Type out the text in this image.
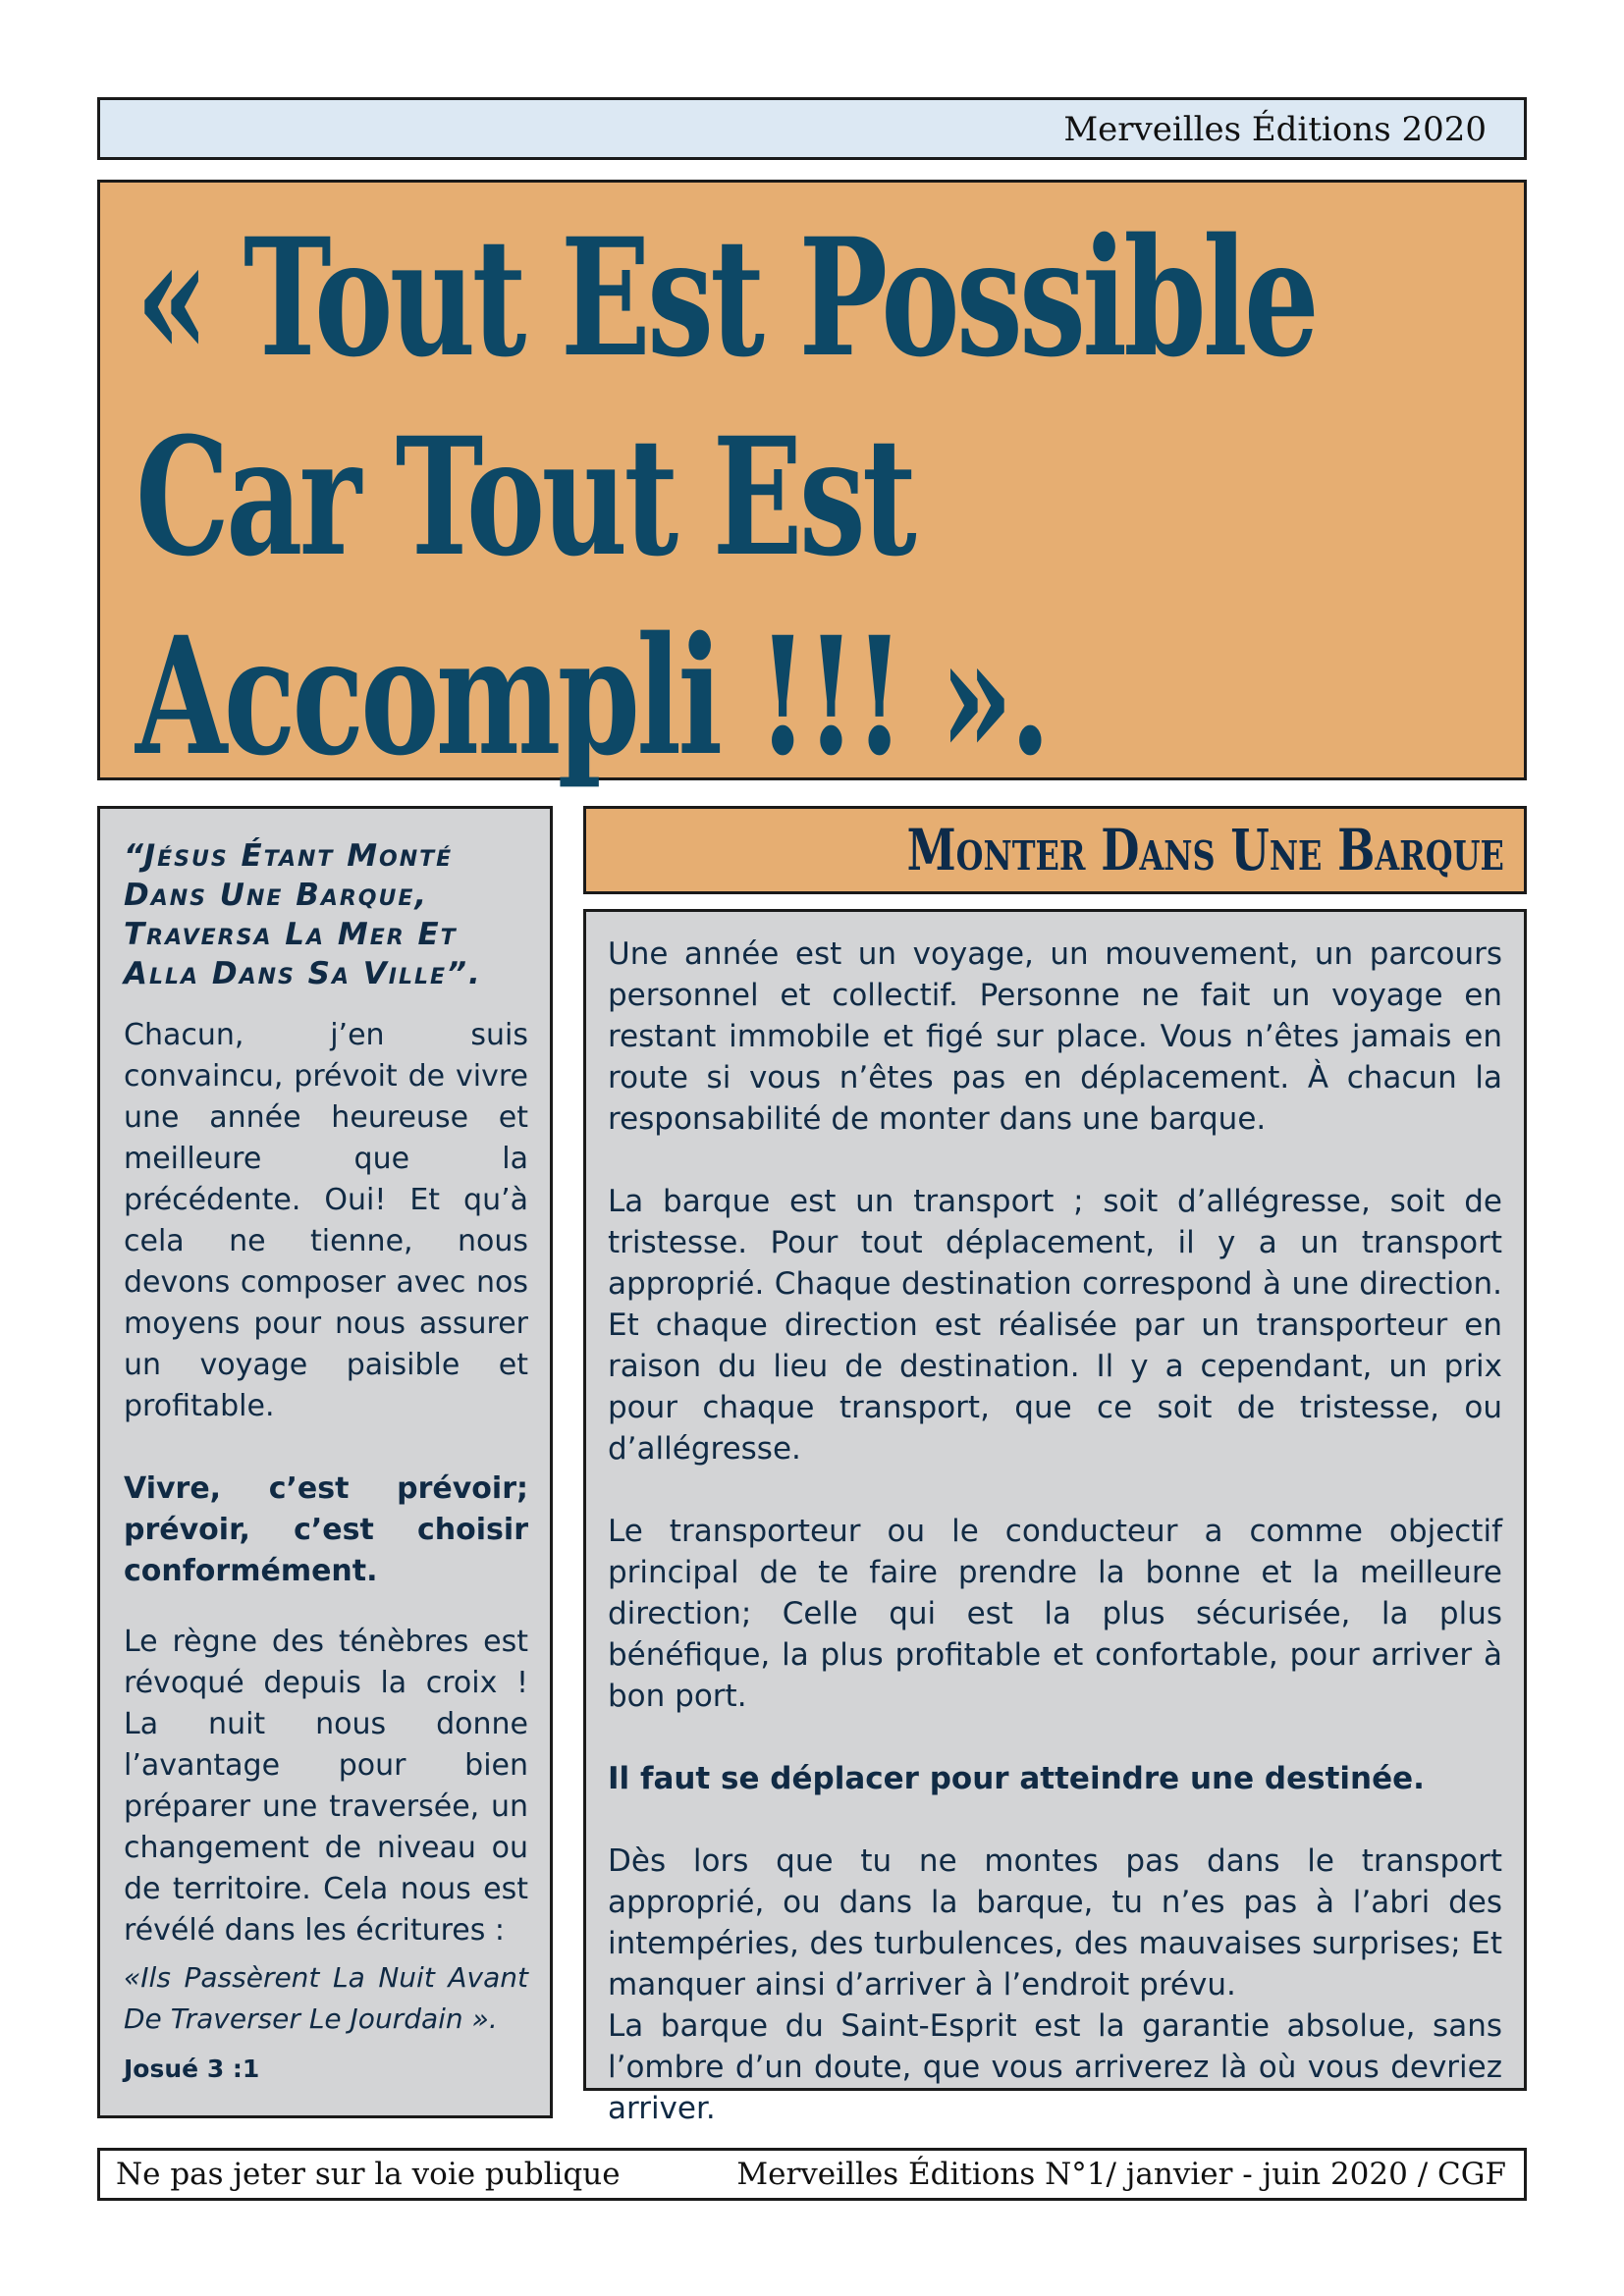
Merveilles Éditions 2020
« Tout Est Possible
Car Tout Est
Accompli !!! ».

“Jésus Étant Monté Dans Une Barque, Traversa La Mer Et Alla Dans Sa Ville”.

Chacun, j’en suis convaincu, prévoit de vivre une année heureuse et meilleure que la précédente. Oui! Et qu’à cela ne tienne, nous devons composer avec nos moyens pour nous assurer un voyage paisible et profitable.

Vivre, c’est prévoir; prévoir, c’est choisir conformément.

Le règne des ténèbres est révoqué depuis la croix ! La nuit nous donne l’avantage pour bien préparer une traversée, un changement de niveau ou de territoire. Cela nous est révélé dans les écritures :

«Ils Passèrent La Nuit Avant De Traverser Le Jourdain ».

Josué 3 :1

Monter Dans Une Barque

Une année est un voyage, un mouvement, un parcours personnel et collectif. Personne ne fait un voyage en restant immobile et figé sur place. Vous n’êtes jamais en route si vous n’êtes pas en déplacement. À chacun la responsabilité de monter dans une barque.

La barque est un transport ; soit d’allégresse, soit de tristesse. Pour tout déplacement, il y a un transport approprié. Chaque destination correspond à une direction. Et chaque direction est réalisée par un transporteur en raison du lieu de destination. Il y a cependant, un prix pour chaque transport, que ce soit de tristesse, ou d’allégresse.

Le transporteur ou le conducteur a comme objectif principal de te faire prendre la bonne et la meilleure direction; Celle qui est la plus sécurisée, la plus bénéfique, la plus profitable et confortable, pour arriver à bon port.

Il faut se déplacer pour atteindre une destinée.

Dès lors que tu ne montes pas dans le transport approprié, ou dans la barque, tu n’es pas à l’abri des intempéries, des turbulences, des mauvaises surprises; Et manquer ainsi d’arriver à l’endroit prévu.

La barque du Saint-Esprit est la garantie absolue, sans l’ombre d’un doute, que vous arriverez là où vous devriez arriver.

Ne pas jeter sur la voie publique	Merveilles Éditions N°1/ janvier - juin 2020 / CGF
